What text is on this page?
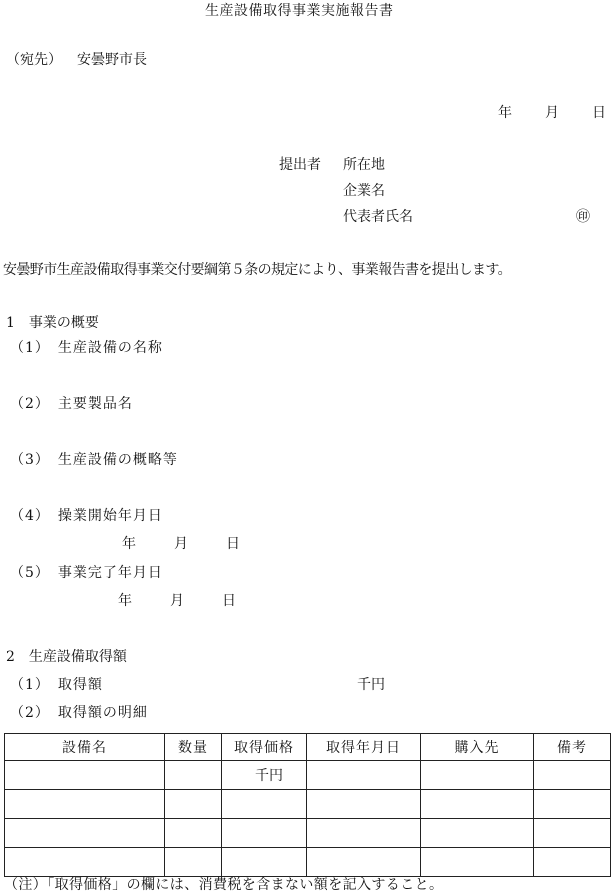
生産設備取得事業実施報告書
（宛先） 安曇野市長
年 月 日
提出者 所在地
企業名
代表者氏名	㊞
安曇野市生産設備取得事業交付要綱第５条の規定により、事業報告書を提出します。
1　事業の概要
（1）　生産設備の名称
（2）　主要製品名
（3）　生産設備の概略等
（4）　操業開始年月日
年	月	日
（5）　事業完了年月日
年	月	日
2　生産設備取得額
（1）　取得額	千円
（2）　取得額の明細
設備名	数量	取得価格	取得年月日	購入先	備考
		千円			

（注）「取得価格」の欄には、消費税を含まない額を記入すること。
